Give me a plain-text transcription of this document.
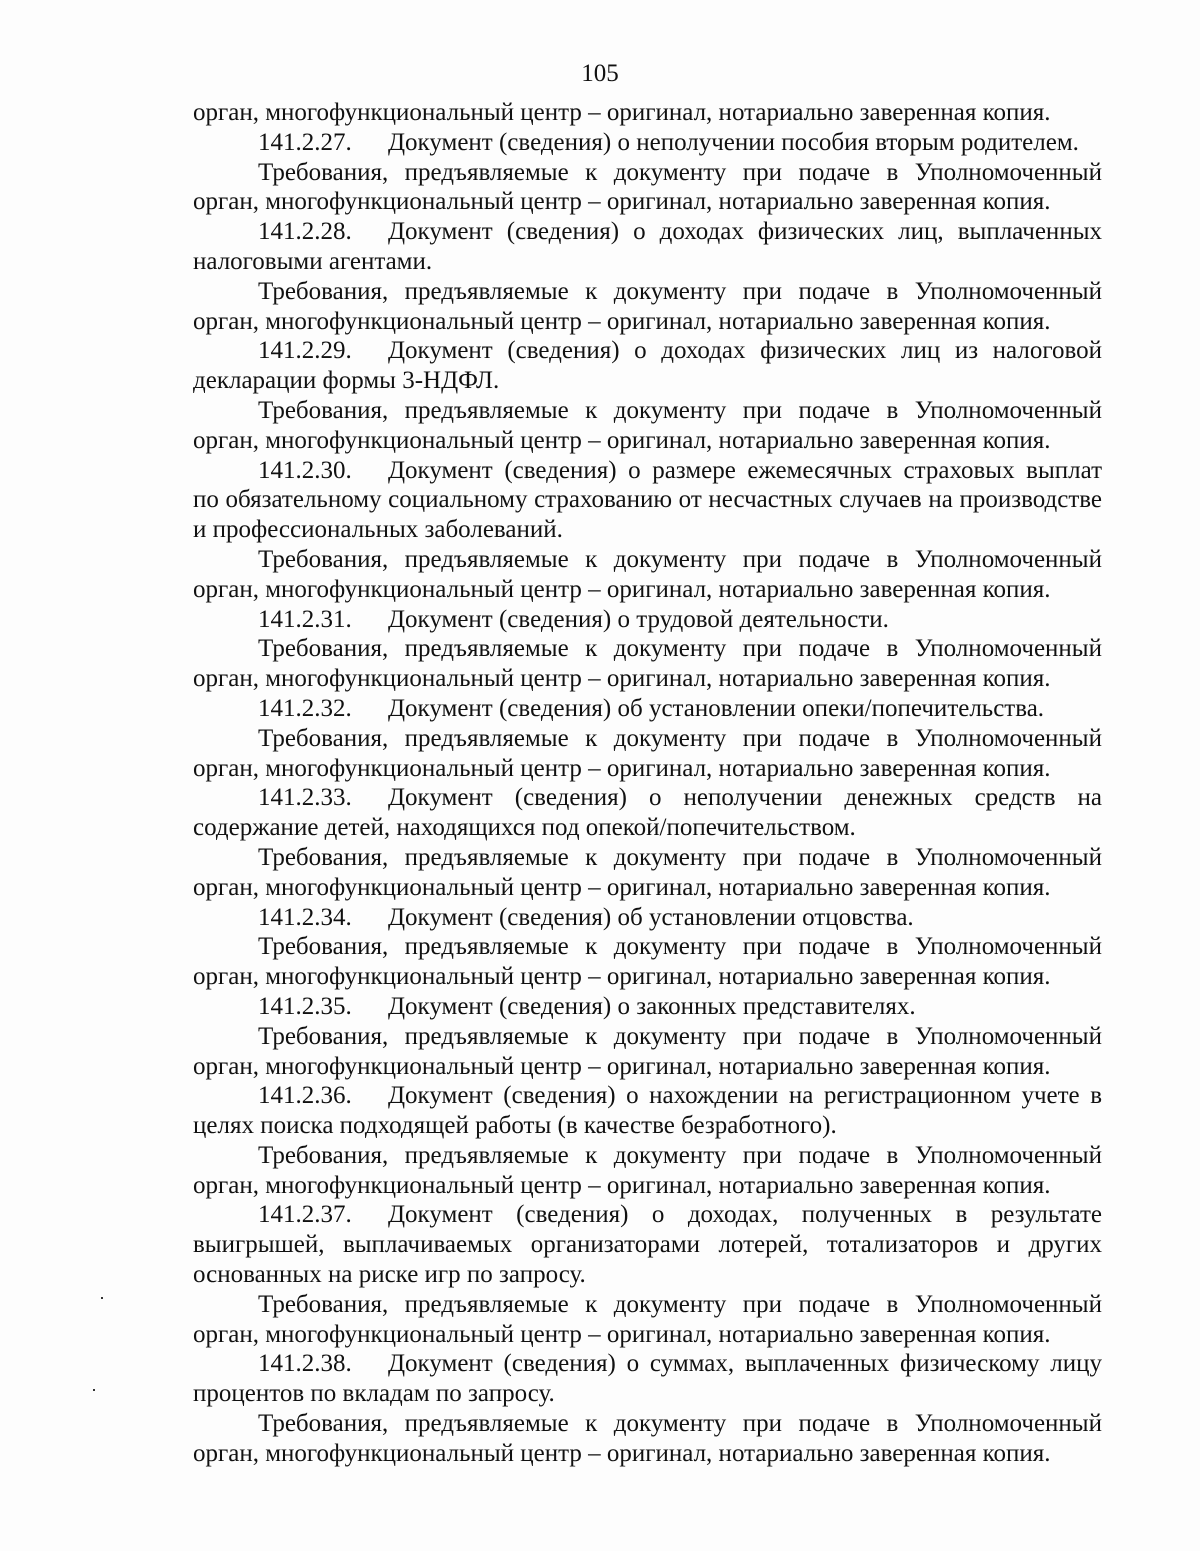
105

орган, многофункциональный центр – оригинал, нотариально заверенная копия.

141.2.27. Документ (сведения) о неполучении пособия вторым родителем.

Требования, предъявляемые к документу при подаче в Уполномоченный орган, многофункциональный центр – оригинал, нотариально заверенная копия.

141.2.28. Документ (сведения) о доходах физических лиц, выплаченных налоговыми агентами.

Требования, предъявляемые к документу при подаче в Уполномоченный орган, многофункциональный центр – оригинал, нотариально заверенная копия.

141.2.29. Документ (сведения) о доходах физических лиц из налоговой декларации формы 3-НДФЛ.

Требования, предъявляемые к документу при подаче в Уполномоченный орган, многофункциональный центр – оригинал, нотариально заверенная копия.

141.2.30. Документ (сведения) о размере ежемесячных страховых выплат по обязательному социальному страхованию от несчастных случаев на производстве и профессиональных заболеваний.

Требования, предъявляемые к документу при подаче в Уполномоченный орган, многофункциональный центр – оригинал, нотариально заверенная копия.

141.2.31. Документ (сведения) о трудовой деятельности.

Требования, предъявляемые к документу при подаче в Уполномоченный орган, многофункциональный центр – оригинал, нотариально заверенная копия.

141.2.32. Документ (сведения) об установлении опеки/попечительства.

Требования, предъявляемые к документу при подаче в Уполномоченный орган, многофункциональный центр – оригинал, нотариально заверенная копия.

141.2.33. Документ (сведения) о неполучении денежных средств на содержание детей, находящихся под опекой/попечительством.

Требования, предъявляемые к документу при подаче в Уполномоченный орган, многофункциональный центр – оригинал, нотариально заверенная копия.

141.2.34. Документ (сведения) об установлении отцовства.

Требования, предъявляемые к документу при подаче в Уполномоченный орган, многофункциональный центр – оригинал, нотариально заверенная копия.

141.2.35. Документ (сведения) о законных представителях.

Требования, предъявляемые к документу при подаче в Уполномоченный орган, многофункциональный центр – оригинал, нотариально заверенная копия.

141.2.36. Документ (сведения) о нахождении на регистрационном учете в целях поиска подходящей работы (в качестве безработного).

Требования, предъявляемые к документу при подаче в Уполномоченный орган, многофункциональный центр – оригинал, нотариально заверенная копия.

141.2.37. Документ (сведения) о доходах, полученных в результате выигрышей, выплачиваемых организаторами лотерей, тотализаторов и других основанных на риске игр по запросу.

Требования, предъявляемые к документу при подаче в Уполномоченный орган, многофункциональный центр – оригинал, нотариально заверенная копия.

141.2.38. Документ (сведения) о суммах, выплаченных физическому лицу процентов по вкладам по запросу.

Требования, предъявляемые к документу при подаче в Уполномоченный орган, многофункциональный центр – оригинал, нотариально заверенная копия.
